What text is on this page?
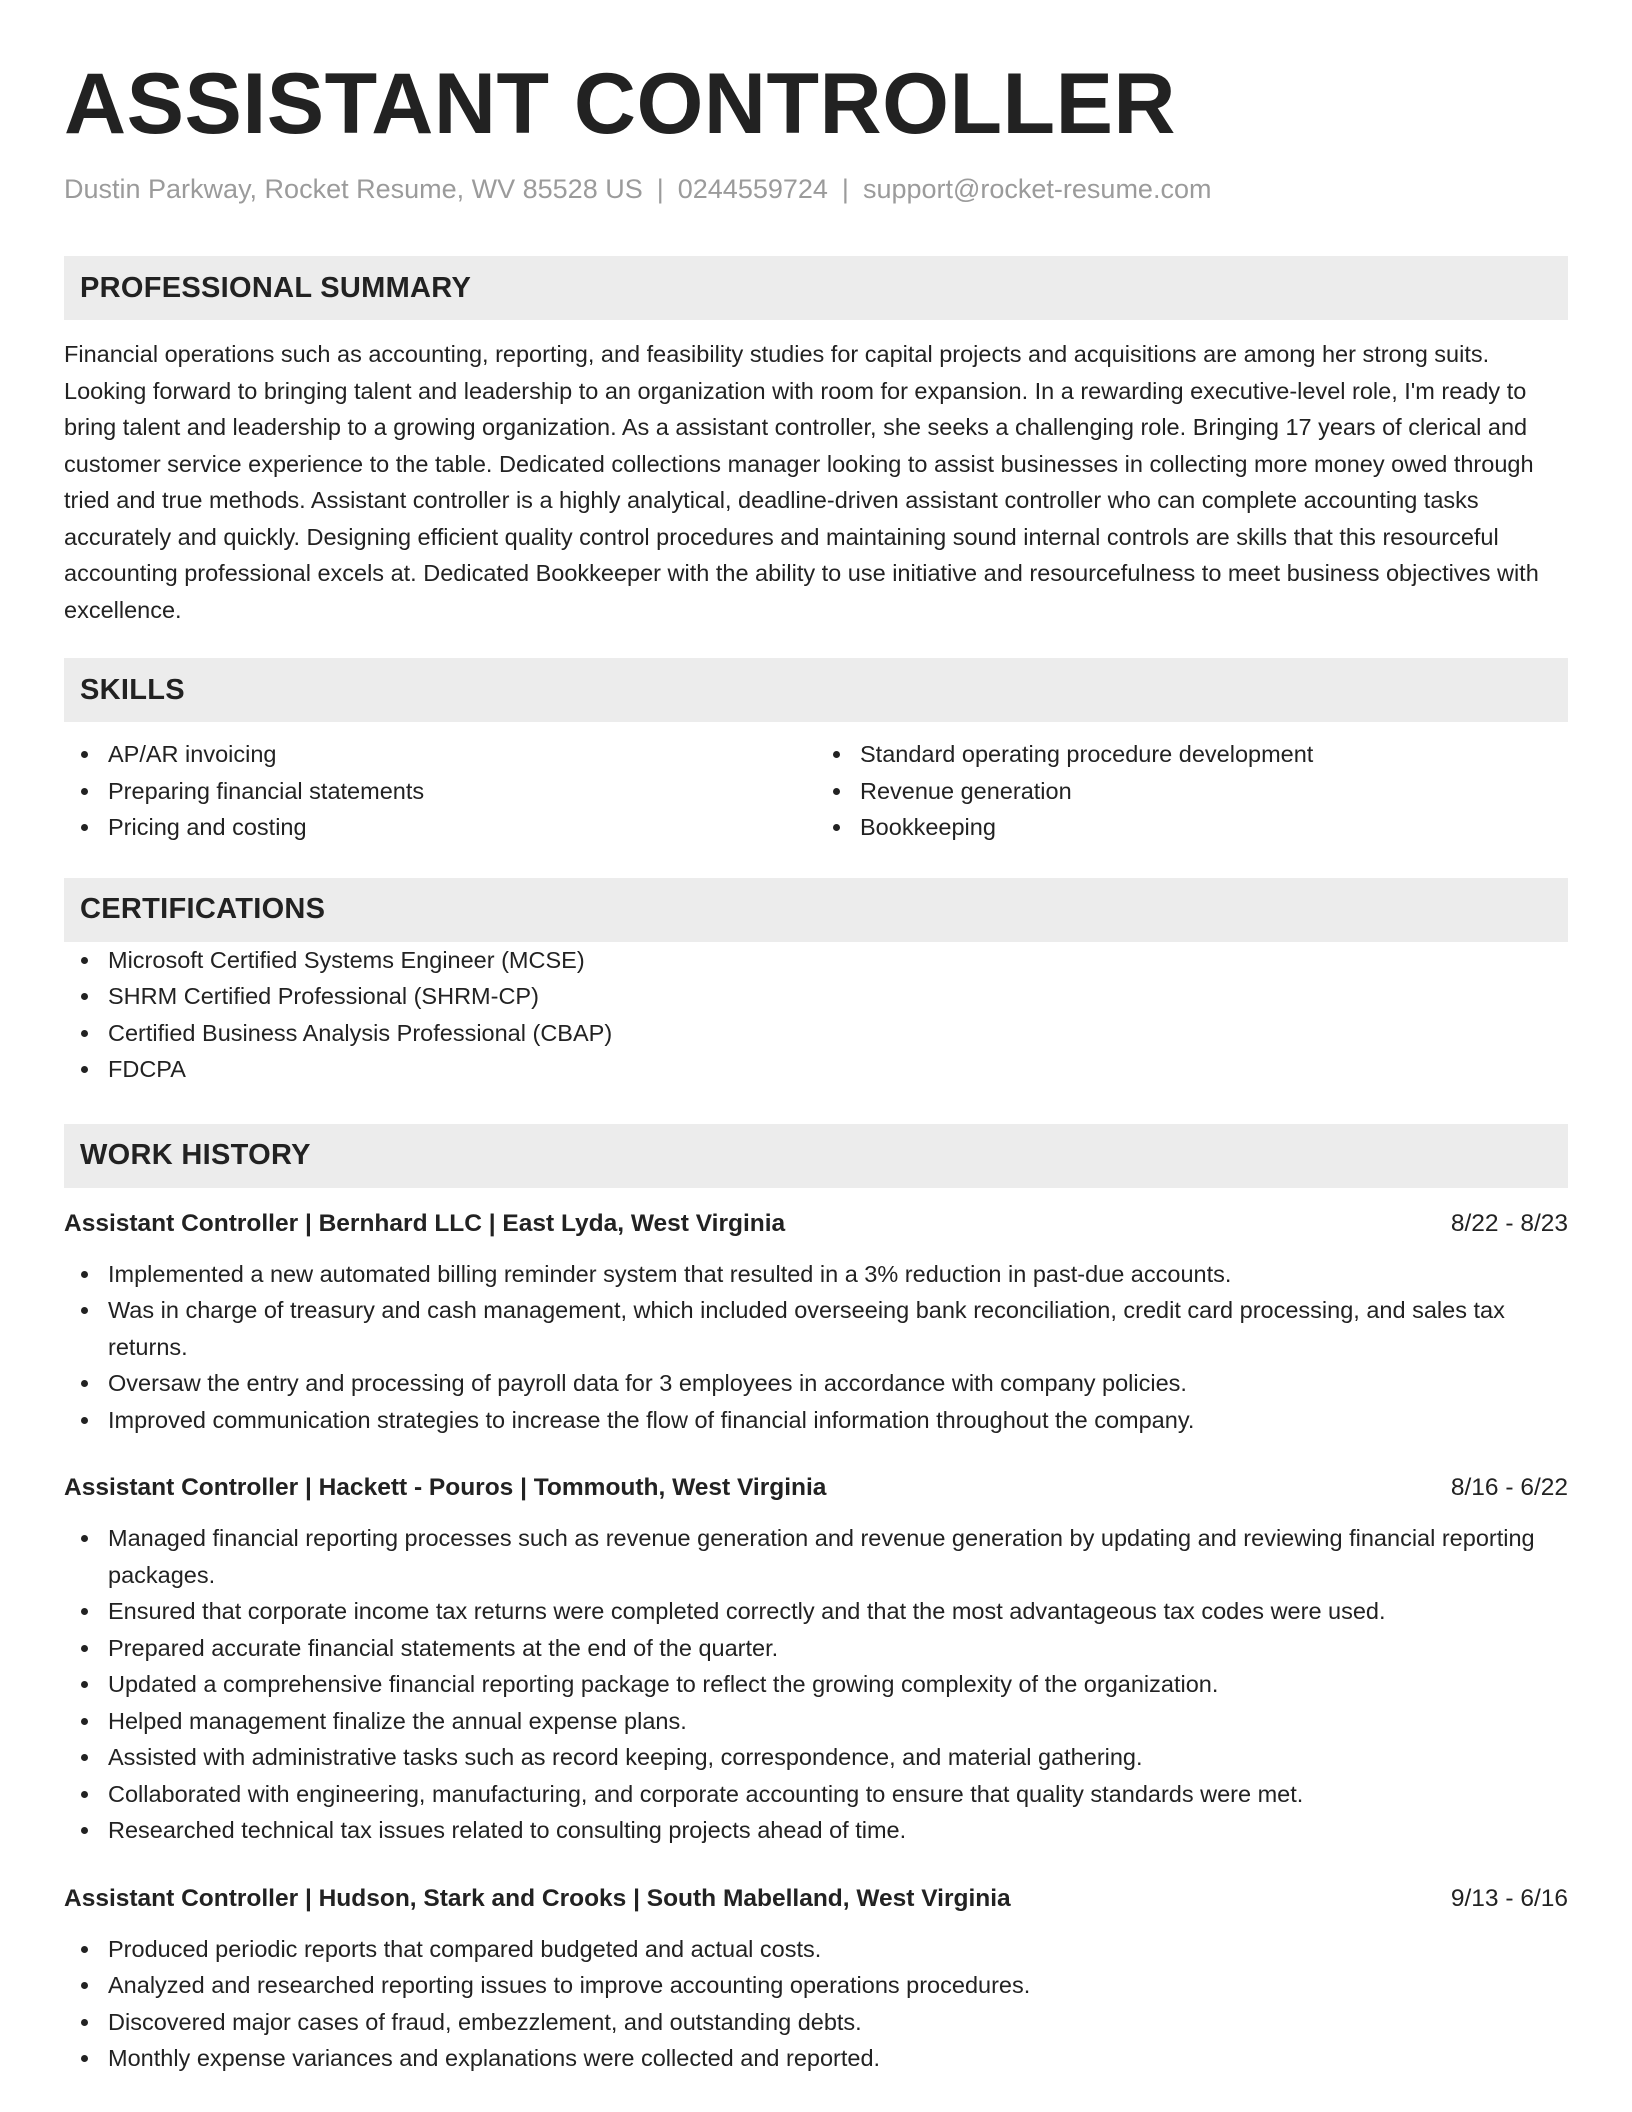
ASSISTANT CONTROLLER
Dustin Parkway, Rocket Resume, WV 85528 US | 0244559724 | support@rocket-resume.com
PROFESSIONAL SUMMARY
Financial operations such as accounting, reporting, and feasibility studies for capital projects and acquisitions are among her strong suits. Looking forward to bringing talent and leadership to an organization with room for expansion. In a rewarding executive-level role, I'm ready to bring talent and leadership to a growing organization. As a assistant controller, she seeks a challenging role. Bringing 17 years of clerical and customer service experience to the table. Dedicated collections manager looking to assist businesses in collecting more money owed through tried and true methods. Assistant controller is a highly analytical, deadline-driven assistant controller who can complete accounting tasks accurately and quickly. Designing efficient quality control procedures and maintaining sound internal controls are skills that this resourceful accounting professional excels at. Dedicated Bookkeeper with the ability to use initiative and resourcefulness to meet business objectives with excellence.
SKILLS
AP/AR invoicing
Preparing financial statements
Pricing and costing
Standard operating procedure development
Revenue generation
Bookkeeping
CERTIFICATIONS
Microsoft Certified Systems Engineer (MCSE)
SHRM Certified Professional (SHRM-CP)
Certified Business Analysis Professional (CBAP)
FDCPA
WORK HISTORY
Assistant Controller | Bernhard LLC | East Lyda, West Virginia	8/22 - 8/23
Implemented a new automated billing reminder system that resulted in a 3% reduction in past-due accounts.
Was in charge of treasury and cash management, which included overseeing bank reconciliation, credit card processing, and sales tax returns.
Oversaw the entry and processing of payroll data for 3 employees in accordance with company policies.
Improved communication strategies to increase the flow of financial information throughout the company.
Assistant Controller | Hackett - Pouros | Tommouth, West Virginia	8/16 - 6/22
Managed financial reporting processes such as revenue generation and revenue generation by updating and reviewing financial reporting packages.
Ensured that corporate income tax returns were completed correctly and that the most advantageous tax codes were used.
Prepared accurate financial statements at the end of the quarter.
Updated a comprehensive financial reporting package to reflect the growing complexity of the organization.
Helped management finalize the annual expense plans.
Assisted with administrative tasks such as record keeping, correspondence, and material gathering.
Collaborated with engineering, manufacturing, and corporate accounting to ensure that quality standards were met.
Researched technical tax issues related to consulting projects ahead of time.
Assistant Controller | Hudson, Stark and Crooks | South Mabelland, West Virginia	9/13 - 6/16
Produced periodic reports that compared budgeted and actual costs.
Analyzed and researched reporting issues to improve accounting operations procedures.
Discovered major cases of fraud, embezzlement, and outstanding debts.
Monthly expense variances and explanations were collected and reported.
